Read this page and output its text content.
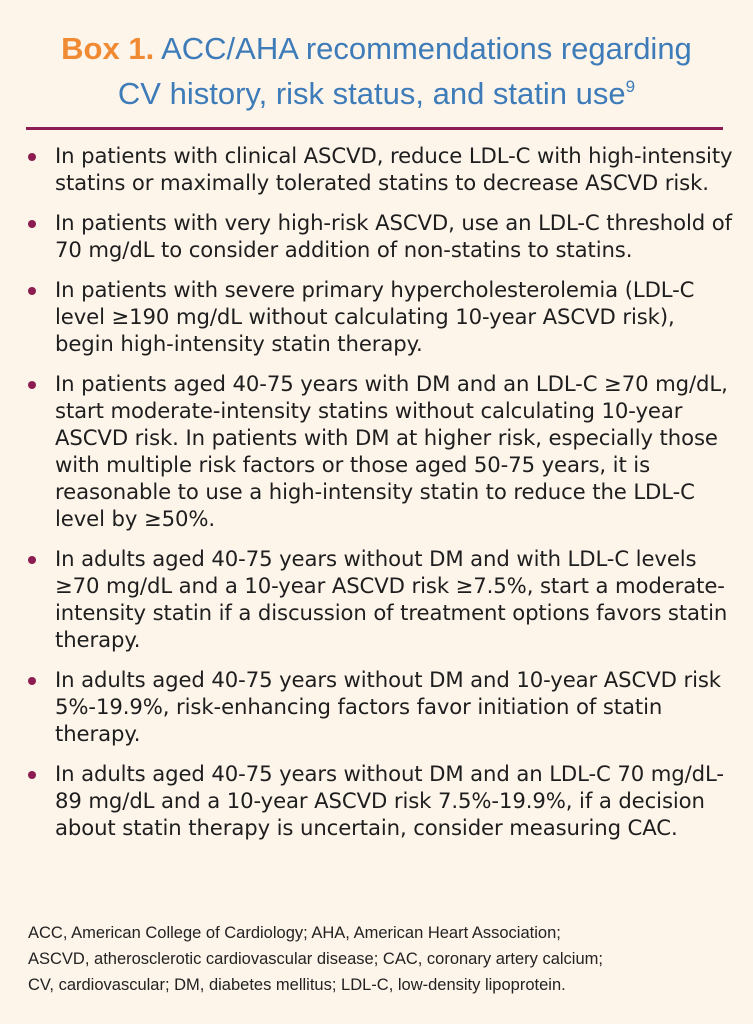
Box 1. ACC/AHA recommendations regarding
CV history, risk status, and statin use$^9$
In patients with clinical ASCVD, reduce LDL-C with high-intensity statins or maximally tolerated statins to decrease ASCVD risk.
In patients with very high-risk ASCVD, use an LDL-C threshold of 70 mg/dL to consider addition of non-statins to statins.
In patients with severe primary hypercholesterolemia (LDL-C level ≥190 mg/dL without calculating 10-year ASCVD risk), begin high-intensity statin therapy.
In patients aged 40-75 years with DM and an LDL-C ≥70 mg/dL, start moderate-intensity statins without calculating 10-year ASCVD risk. In patients with DM at higher risk, especially those with multiple risk factors or those aged 50-75 years, it is reasonable to use a high-intensity statin to reduce the LDL-C level by ≥50%.
In adults aged 40-75 years without DM and with LDL-C levels ≥70 mg/dL and a 10-year ASCVD risk ≥7.5%, start a moderate-intensity statin if a discussion of treatment options favors statin therapy.
In adults aged 40-75 years without DM and 10-year ASCVD risk 5%-19.9%, risk-enhancing factors favor initiation of statin therapy.
In adults aged 40-75 years without DM and an LDL-C 70 mg/dL-89 mg/dL and a 10-year ASCVD risk 7.5%-19.9%, if a decision about statin therapy is uncertain, consider measuring CAC.
ACC, American College of Cardiology; AHA, American Heart Association;
ASCVD, atherosclerotic cardiovascular disease; CAC, coronary artery calcium;
CV, cardiovascular; DM, diabetes mellitus; LDL-C, low-density lipoprotein.
